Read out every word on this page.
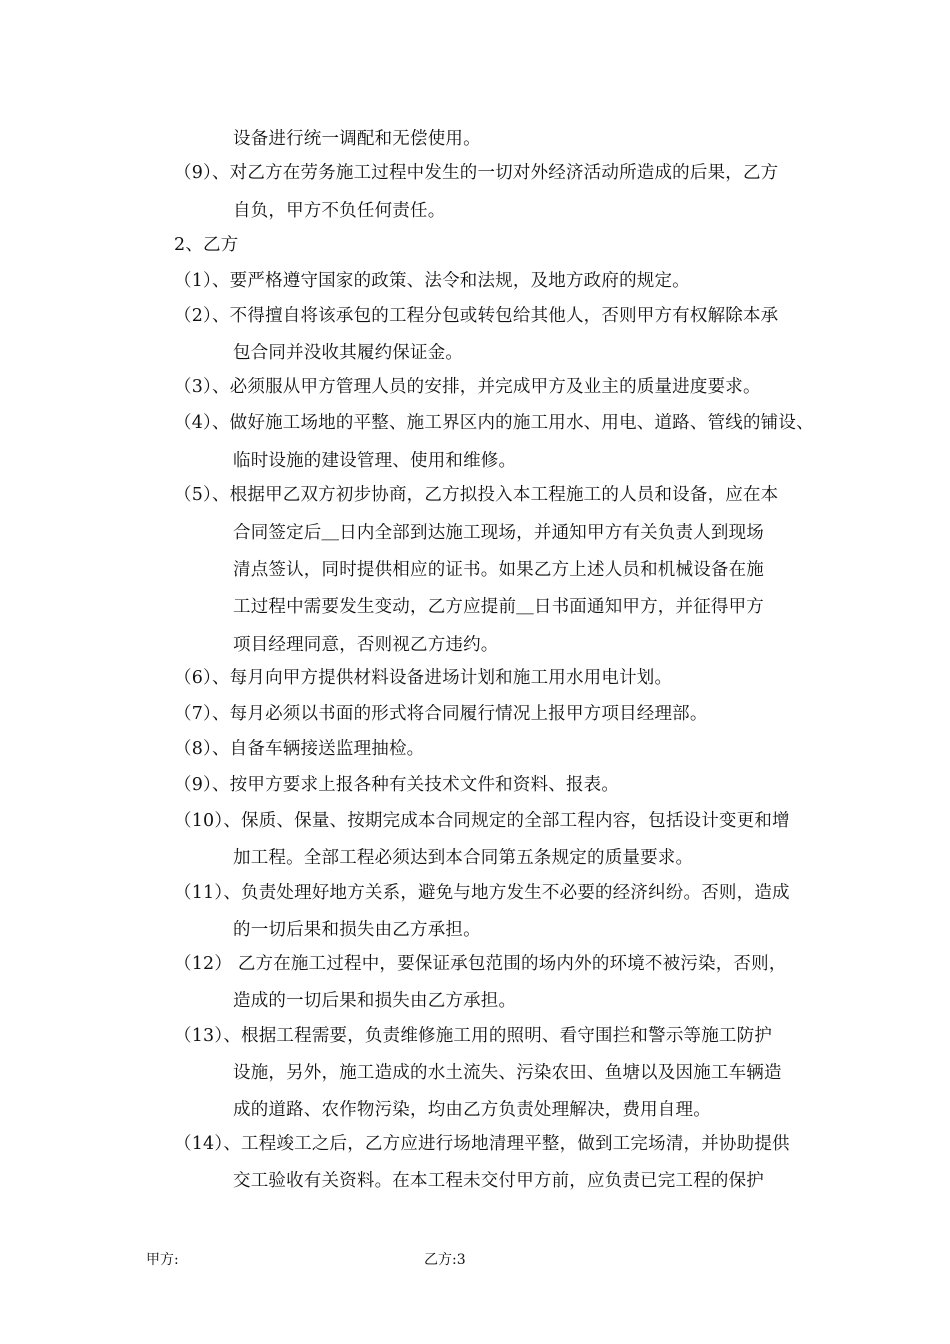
设备进行统一调配和无偿使用。
（9）、对乙方在劳务施工过程中发生的一切对外经济活动所造成的后果，乙方
自负，甲方不负任何责任。
2、乙方
（1）、要严格遵守国家的政策、法令和法规，及地方政府的规定。
（2）、不得擅自将该承包的工程分包或转包给其他人，否则甲方有权解除本承
包合同并没收其履约保证金。
（3）、必须服从甲方管理人员的安排，并完成甲方及业主的质量进度要求。
（4）、做好施工场地的平整、施工界区内的施工用水、用电、道路、管线的铺设、
临时设施的建设管理、使用和维修。
（5）、根据甲乙双方初步协商，乙方拟投入本工程施工的人员和设备，应在本
合同签定后＿日内全部到达施工现场，并通知甲方有关负责人到现场
清点签认，同时提供相应的证书。如果乙方上述人员和机械设备在施
工过程中需要发生变动，乙方应提前＿日书面通知甲方，并征得甲方
项目经理同意，否则视乙方违约。
（6）、每月向甲方提供材料设备进场计划和施工用水用电计划。
（7）、每月必须以书面的形式将合同履行情况上报甲方项目经理部。
（8）、自备车辆接送监理抽检。
（9）、按甲方要求上报各种有关技术文件和资料、报表。
（10）、保质、保量、按期完成本合同规定的全部工程内容，包括设计变更和增
加工程。全部工程必须达到本合同第五条规定的质量要求。
（11）、负责处理好地方关系，避免与地方发生不必要的经济纠纷。否则，造成
的一切后果和损失由乙方承担。
（12） 乙方在施工过程中，要保证承包范围的场内外的环境不被污染，否则，
造成的一切后果和损失由乙方承担。
（13）、根据工程需要，负责维修施工用的照明、看守围拦和警示等施工防护
设施，另外，施工造成的水土流失、污染农田、鱼塘以及因施工车辆造
成的道路、农作物污染，均由乙方负责处理解决，费用自理。
（14）、工程竣工之后，乙方应进行场地清理平整，做到工完场清，并协助提供
交工验收有关资料。在本工程未交付甲方前，应负责已完工程的保护
甲方:	乙方:3
